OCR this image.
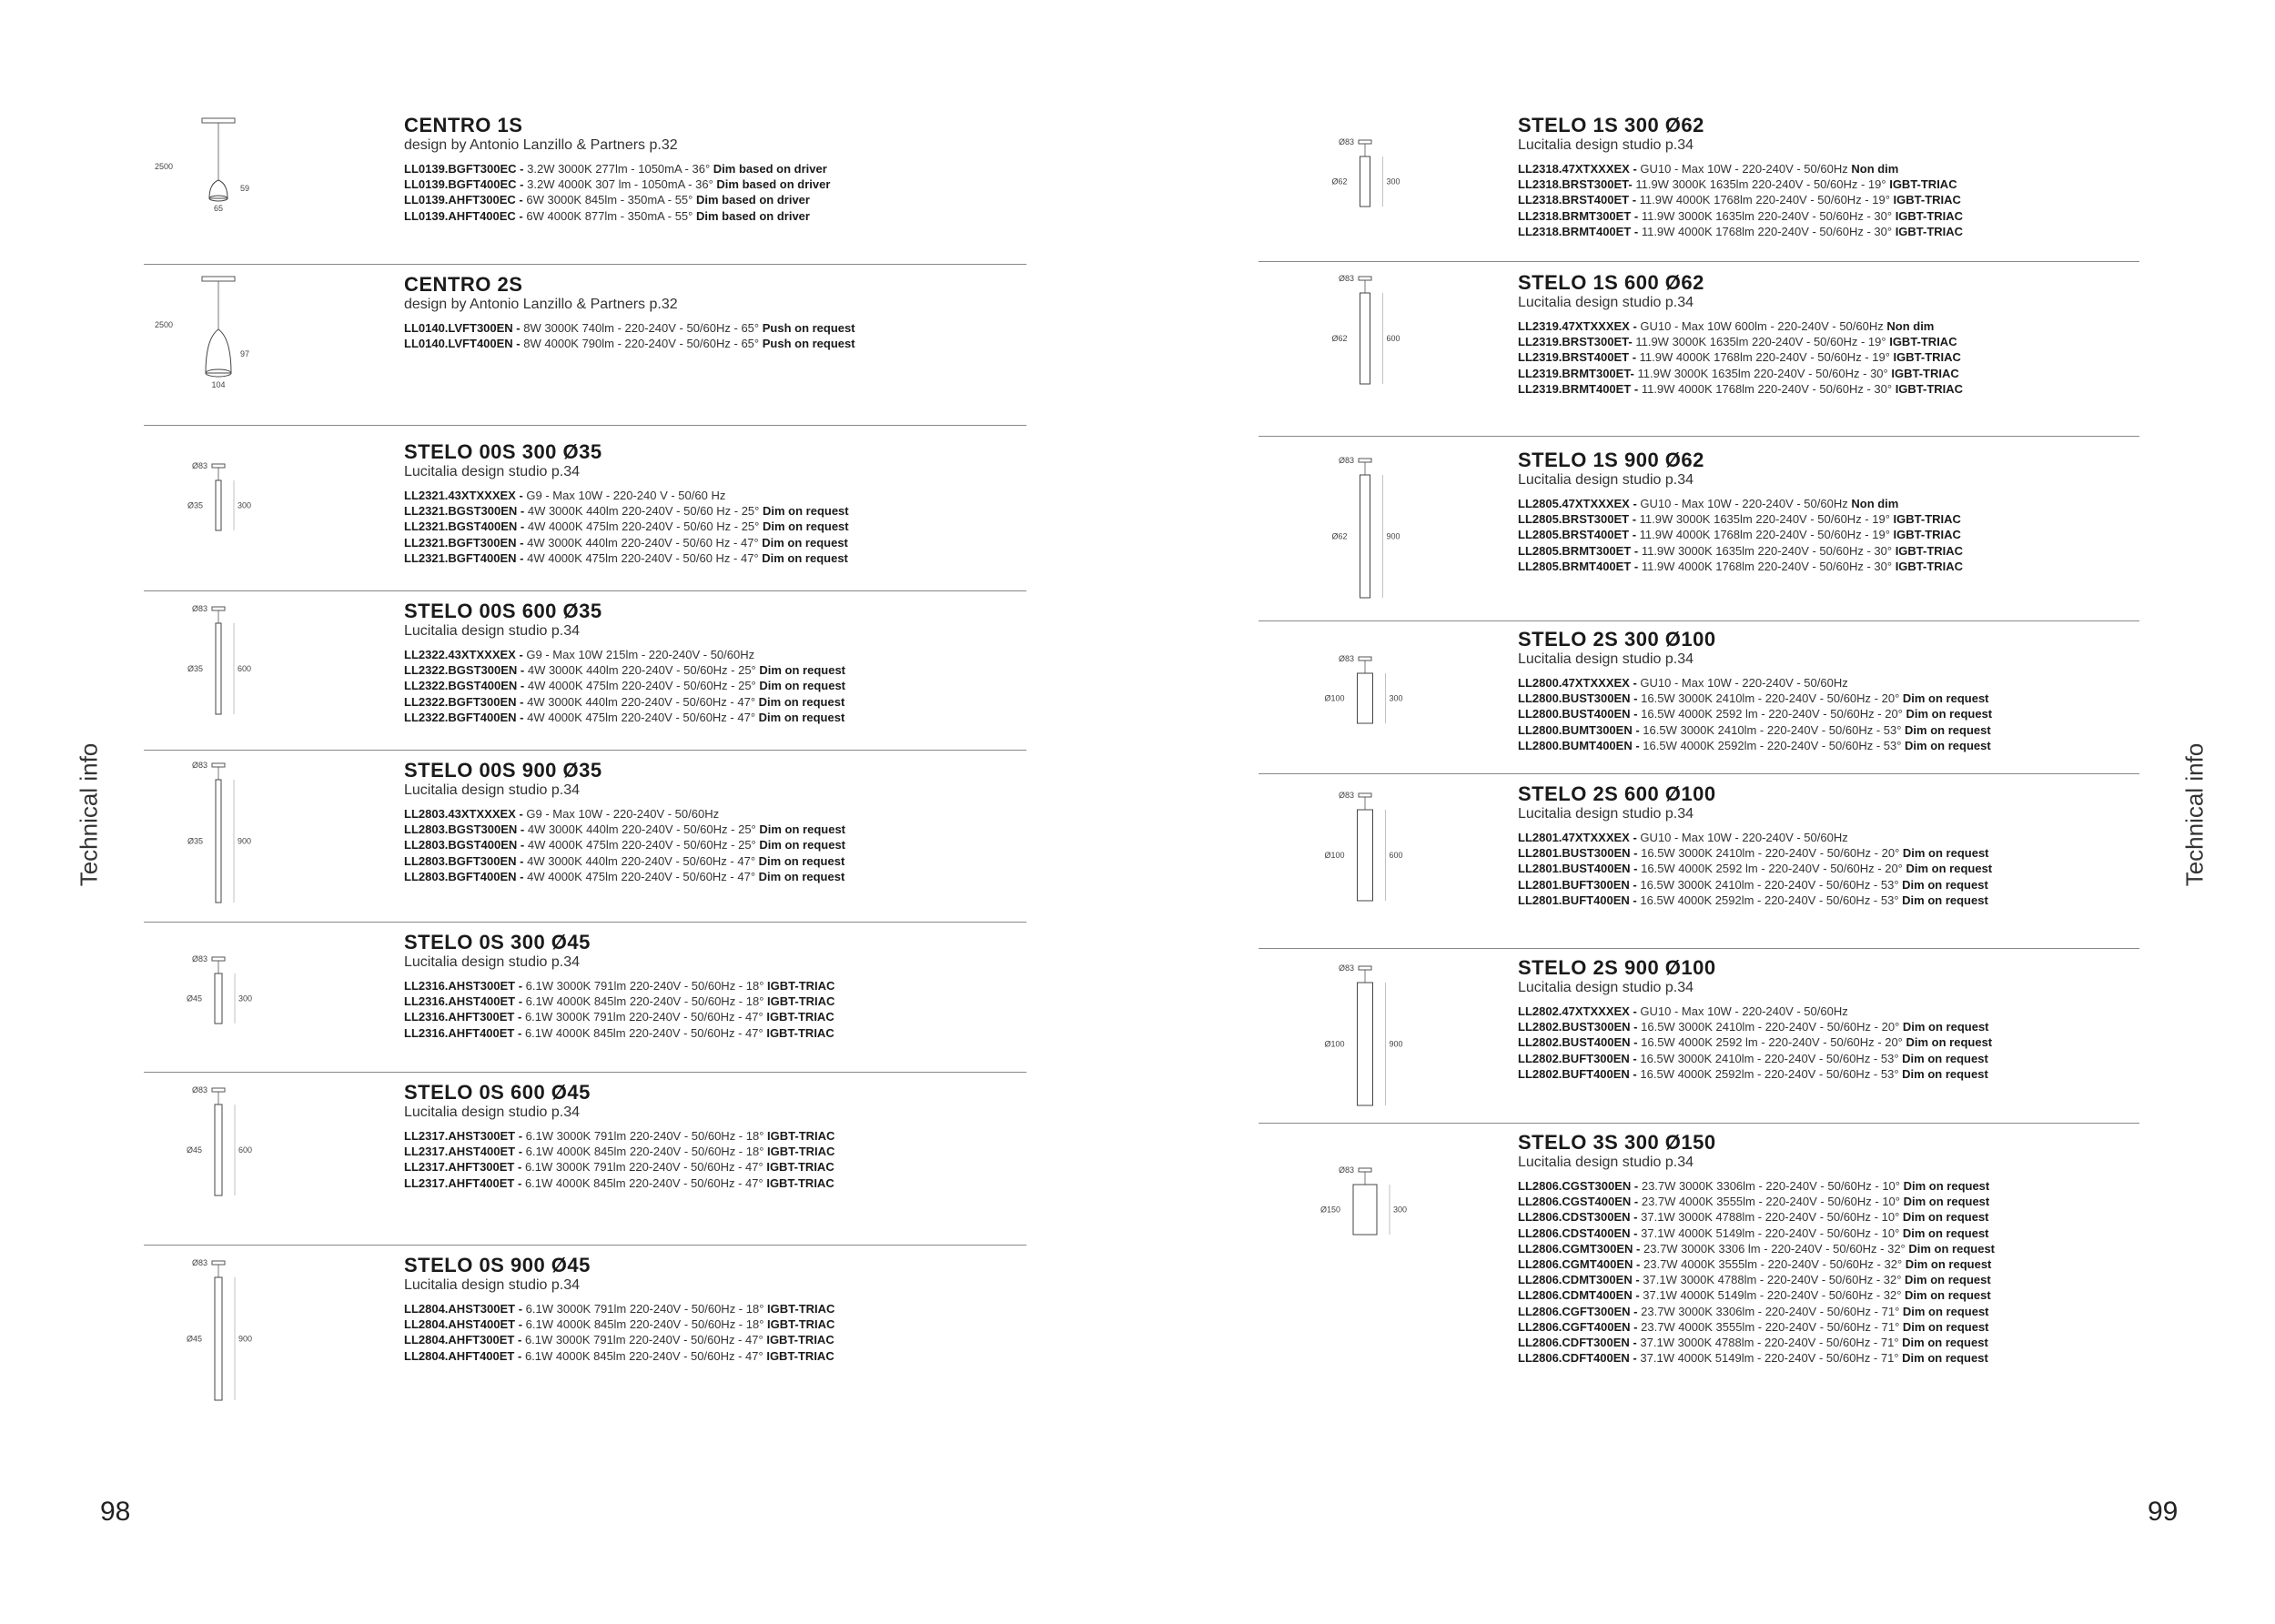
Technical info	Technical info
98	99
CENTRO 1S
design by Antonio Lanzillo & Partners p.32
LL0139.BGFT300EC - 3.2W 3000K 277lm - 1050mA - 36° Dim based on driver
LL0139.BGFT400EC - 3.2W 4000K 307 lm - 1050mA - 36° Dim based on driver
LL0139.AHFT300EC - 6W 3000K 845lm - 350mA - 55° Dim based on driver
LL0139.AHFT400EC - 6W 4000K 877lm - 350mA - 55° Dim based on driver
2500
59
65
CENTRO 2S
design by Antonio Lanzillo & Partners p.32
LL0140.LVFT300EN - 8W 3000K 740lm - 220-240V - 50/60Hz - 65° Push on request
LL0140.LVFT400EN - 8W 4000K 790lm - 220-240V - 50/60Hz - 65° Push on request
2500
97
104
STELO 00S 300 Ø35
Lucitalia design studio p.34
LL2321.43XTXXXEX - G9 - Max 10W - 220-240 V - 50/60 Hz
LL2321.BGST300EN - 4W 3000K 440lm 220-240V - 50/60 Hz - 25° Dim on request
LL2321.BGST400EN - 4W 4000K 475lm 220-240V - 50/60 Hz - 25° Dim on request
LL2321.BGFT300EN - 4W 3000K 440lm 220-240V - 50/60 Hz - 47° Dim on request
LL2321.BGFT400EN - 4W 4000K 475lm 220-240V - 50/60 Hz - 47° Dim on request
Ø83
Ø35	300
STELO 00S 600 Ø35
Lucitalia design studio p.34
LL2322.43XTXXXEX - G9 - Max 10W 215lm - 220-240V - 50/60Hz
LL2322.BGST300EN - 4W 3000K 440lm 220-240V - 50/60Hz - 25° Dim on request
LL2322.BGST400EN - 4W 4000K 475lm 220-240V - 50/60Hz - 25° Dim on request
LL2322.BGFT300EN - 4W 3000K 440lm 220-240V - 50/60Hz - 47° Dim on request
LL2322.BGFT400EN - 4W 4000K 475lm 220-240V - 50/60Hz - 47° Dim on request
Ø83
Ø35	600
STELO 00S 900 Ø35
Lucitalia design studio p.34
LL2803.43XTXXXEX - G9 - Max 10W - 220-240V - 50/60Hz
LL2803.BGST300EN - 4W 3000K 440lm 220-240V - 50/60Hz - 25° Dim on request
LL2803.BGST400EN - 4W 4000K 475lm 220-240V - 50/60Hz - 25° Dim on request
LL2803.BGFT300EN - 4W 3000K 440lm 220-240V - 50/60Hz - 47° Dim on request
LL2803.BGFT400EN - 4W 4000K 475lm 220-240V - 50/60Hz - 47° Dim on request
Ø83
Ø35	900
STELO 0S 300 Ø45
Lucitalia design studio p.34
LL2316.AHST300ET - 6.1W 3000K 791lm 220-240V - 50/60Hz - 18° IGBT-TRIAC
LL2316.AHST400ET - 6.1W 4000K 845lm 220-240V - 50/60Hz - 18° IGBT-TRIAC
LL2316.AHFT300ET - 6.1W 3000K 791lm 220-240V - 50/60Hz - 47° IGBT-TRIAC
LL2316.AHFT400ET - 6.1W 4000K 845lm 220-240V - 50/60Hz - 47° IGBT-TRIAC
Ø83
Ø45	300
STELO 0S 600 Ø45
Lucitalia design studio p.34
LL2317.AHST300ET - 6.1W 3000K 791lm 220-240V - 50/60Hz - 18° IGBT-TRIAC
LL2317.AHST400ET - 6.1W 4000K 845lm 220-240V - 50/60Hz - 18° IGBT-TRIAC
LL2317.AHFT300ET - 6.1W 3000K 791lm 220-240V - 50/60Hz - 47° IGBT-TRIAC
LL2317.AHFT400ET - 6.1W 4000K 845lm 220-240V - 50/60Hz - 47° IGBT-TRIAC
Ø83
Ø45	600
STELO 0S 900 Ø45
Lucitalia design studio p.34
LL2804.AHST300ET - 6.1W 3000K 791lm 220-240V - 50/60Hz - 18° IGBT-TRIAC
LL2804.AHST400ET - 6.1W 4000K 845lm 220-240V - 50/60Hz - 18° IGBT-TRIAC
LL2804.AHFT300ET - 6.1W 3000K 791lm 220-240V - 50/60Hz - 47° IGBT-TRIAC
LL2804.AHFT400ET - 6.1W 4000K 845lm 220-240V - 50/60Hz - 47° IGBT-TRIAC
Ø83
Ø45	900
STELO 1S 300 Ø62
Lucitalia design studio p.34
LL2318.47XTXXXEX - GU10 - Max 10W - 220-240V - 50/60Hz Non dim
LL2318.BRST300ET- 11.9W 3000K 1635lm 220-240V - 50/60Hz - 19° IGBT-TRIAC
LL2318.BRST400ET - 11.9W 4000K 1768lm 220-240V - 50/60Hz - 19° IGBT-TRIAC
LL2318.BRMT300ET - 11.9W 3000K 1635lm 220-240V - 50/60Hz - 30° IGBT-TRIAC
LL2318.BRMT400ET - 11.9W 4000K 1768lm 220-240V - 50/60Hz - 30° IGBT-TRIAC
Ø83
Ø62	300
STELO 1S 600 Ø62
Lucitalia design studio p.34
LL2319.47XTXXXEX - GU10 - Max 10W 600lm - 220-240V - 50/60Hz Non dim
LL2319.BRST300ET- 11.9W 3000K 1635lm 220-240V - 50/60Hz - 19° IGBT-TRIAC
LL2319.BRST400ET - 11.9W 4000K 1768lm 220-240V - 50/60Hz - 19° IGBT-TRIAC
LL2319.BRMT300ET- 11.9W 3000K 1635lm 220-240V - 50/60Hz - 30° IGBT-TRIAC
LL2319.BRMT400ET - 11.9W 4000K 1768lm 220-240V - 50/60Hz - 30° IGBT-TRIAC
Ø83
Ø62	600
STELO 1S 900 Ø62
Lucitalia design studio p.34
LL2805.47XTXXXEX - GU10 - Max 10W - 220-240V - 50/60Hz Non dim
LL2805.BRST300ET - 11.9W 3000K 1635lm 220-240V - 50/60Hz - 19° IGBT-TRIAC
LL2805.BRST400ET - 11.9W 4000K 1768lm 220-240V - 50/60Hz - 19° IGBT-TRIAC
LL2805.BRMT300ET - 11.9W 3000K 1635lm 220-240V - 50/60Hz - 30° IGBT-TRIAC
LL2805.BRMT400ET - 11.9W 4000K 1768lm 220-240V - 50/60Hz - 30° IGBT-TRIAC
Ø83
Ø62	900
STELO 2S 300 Ø100
Lucitalia design studio p.34
LL2800.47XTXXXEX - GU10 - Max 10W - 220-240V - 50/60Hz
LL2800.BUST300EN - 16.5W 3000K 2410lm - 220-240V - 50/60Hz - 20° Dim on request
LL2800.BUST400EN - 16.5W 4000K 2592 lm - 220-240V - 50/60Hz - 20° Dim on request
LL2800.BUMT300EN - 16.5W 3000K 2410lm - 220-240V - 50/60Hz - 53° Dim on request
LL2800.BUMT400EN - 16.5W 4000K 2592lm - 220-240V - 50/60Hz - 53° Dim on request
Ø83
Ø100	300
STELO 2S 600 Ø100
Lucitalia design studio p.34
LL2801.47XTXXXEX - GU10 - Max 10W - 220-240V - 50/60Hz
LL2801.BUST300EN - 16.5W 3000K 2410lm - 220-240V - 50/60Hz - 20° Dim on request
LL2801.BUST400EN - 16.5W 4000K 2592 lm - 220-240V - 50/60Hz - 20° Dim on request
LL2801.BUFT300EN - 16.5W 3000K 2410lm - 220-240V - 50/60Hz - 53° Dim on request
LL2801.BUFT400EN - 16.5W 4000K 2592lm - 220-240V - 50/60Hz - 53° Dim on request
Ø83
Ø100	600
STELO 2S 900 Ø100
Lucitalia design studio p.34
LL2802.47XTXXXEX - GU10 - Max 10W - 220-240V - 50/60Hz
LL2802.BUST300EN - 16.5W 3000K 2410lm - 220-240V - 50/60Hz - 20° Dim on request
LL2802.BUST400EN - 16.5W 4000K 2592 lm - 220-240V - 50/60Hz - 20° Dim on request
LL2802.BUFT300EN - 16.5W 3000K 2410lm - 220-240V - 50/60Hz - 53° Dim on request
LL2802.BUFT400EN - 16.5W 4000K 2592lm - 220-240V - 50/60Hz - 53° Dim on request
Ø83
Ø100	900
STELO 3S 300 Ø150
Lucitalia design studio p.34
LL2806.CGST300EN - 23.7W 3000K 3306lm - 220-240V - 50/60Hz - 10° Dim on request
LL2806.CGST400EN - 23.7W 4000K 3555lm - 220-240V - 50/60Hz - 10° Dim on request
LL2806.CDST300EN - 37.1W 3000K 4788lm - 220-240V - 50/60Hz - 10° Dim on request
LL2806.CDST400EN - 37.1W 4000K 5149lm - 220-240V - 50/60Hz - 10° Dim on request
LL2806.CGMT300EN - 23.7W 3000K 3306 lm - 220-240V - 50/60Hz - 32° Dim on request
LL2806.CGMT400EN - 23.7W 4000K 3555lm - 220-240V - 50/60Hz - 32° Dim on request
LL2806.CDMT300EN - 37.1W 3000K 4788lm - 220-240V - 50/60Hz - 32° Dim on request
LL2806.CDMT400EN - 37.1W 4000K 5149lm - 220-240V - 50/60Hz - 32° Dim on request
LL2806.CGFT300EN - 23.7W 3000K 3306lm - 220-240V - 50/60Hz - 71° Dim on request
LL2806.CGFT400EN - 23.7W 4000K 3555lm - 220-240V - 50/60Hz - 71° Dim on request
LL2806.CDFT300EN - 37.1W 3000K 4788lm - 220-240V - 50/60Hz - 71° Dim on request
LL2806.CDFT400EN - 37.1W 4000K 5149lm - 220-240V - 50/60Hz - 71° Dim on request
Ø83
Ø150	300
